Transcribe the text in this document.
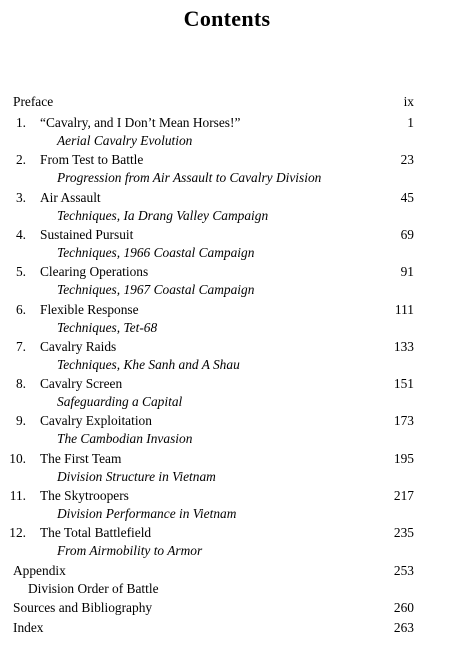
Contents
Preface	ix
1. “Cavalry, and I Don’t Mean Horses!”	1
Aerial Cavalry Evolution
2. From Test to Battle	23
Progression from Air Assault to Cavalry Division
3. Air Assault	45
Techniques, Ia Drang Valley Campaign
4. Sustained Pursuit	69
Techniques, 1966 Coastal Campaign
5. Clearing Operations	91
Techniques, 1967 Coastal Campaign
6. Flexible Response	111
Techniques, Tet-68
7. Cavalry Raids	133
Techniques, Khe Sanh and A Shau
8. Cavalry Screen	151
Safeguarding a Capital
9. Cavalry Exploitation	173
The Cambodian Invasion
10. The First Team	195
Division Structure in Vietnam
11. The Skytroopers	217
Division Performance in Vietnam
12. The Total Battlefield	235
From Airmobility to Armor
Appendix	253
Division Order of Battle
Sources and Bibliography	260
Index	263
